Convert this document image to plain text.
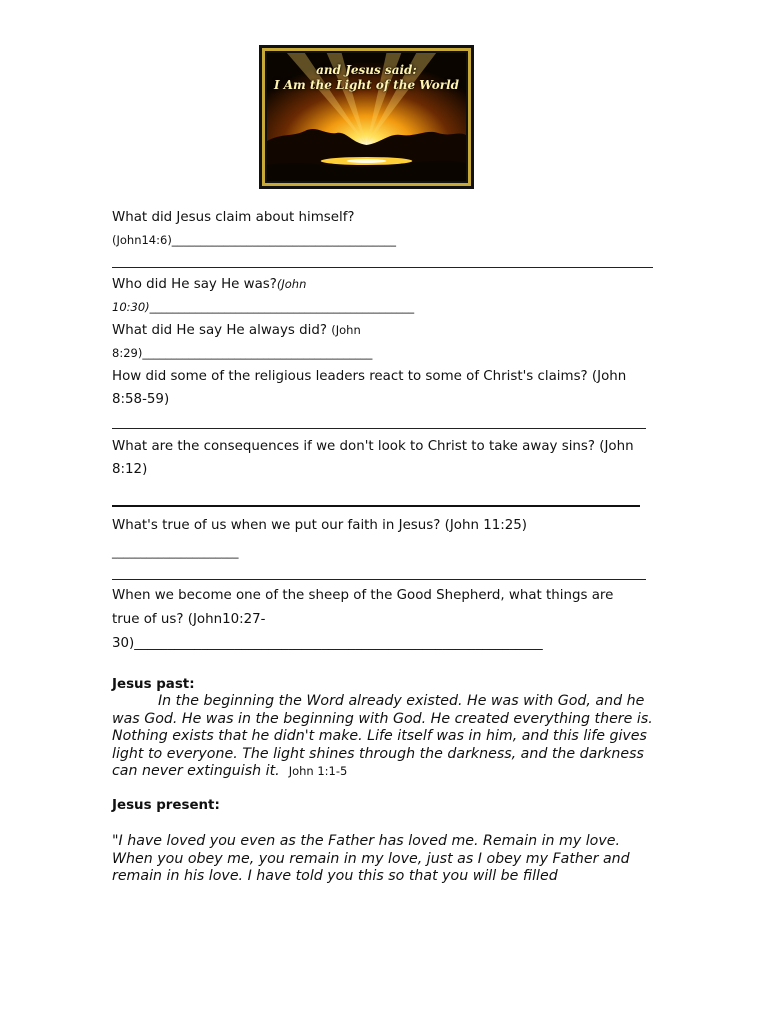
and Jesus said:
I Am the Light of the World

What did Jesus claim about himself?

(John14:6)_______________________________________

Who did He say He was?(John

10:30)______________________________________________

What did He say He always did? (John

8:29)________________________________________

How did some of the religious leaders react to some of Christ's claims? (John

8:58-59)

What are the consequences if we don't look to Christ to take away sins? (John

8:12)

What's true of us when we put our faith in Jesus? (John 11:25)

______________________

When we become one of the sheep of the Good Shepherd, what things are

true of us? (John10:27-

30)_____________________________________________________________

Jesus past:

In the beginning the Word already existed. He was with God, and he was God. He was in the beginning with God. He created everything there is. Nothing exists that he didn't make. Life itself was in him, and this life gives light to everyone. The light shines through the darkness, and the darkness can never extinguish it. John 1:1-5

Jesus present:

"I have loved you even as the Father has loved me. Remain in my love. When you obey me, you remain in my love, just as I obey my Father and remain in his love. I have told you this so that you will be filled
